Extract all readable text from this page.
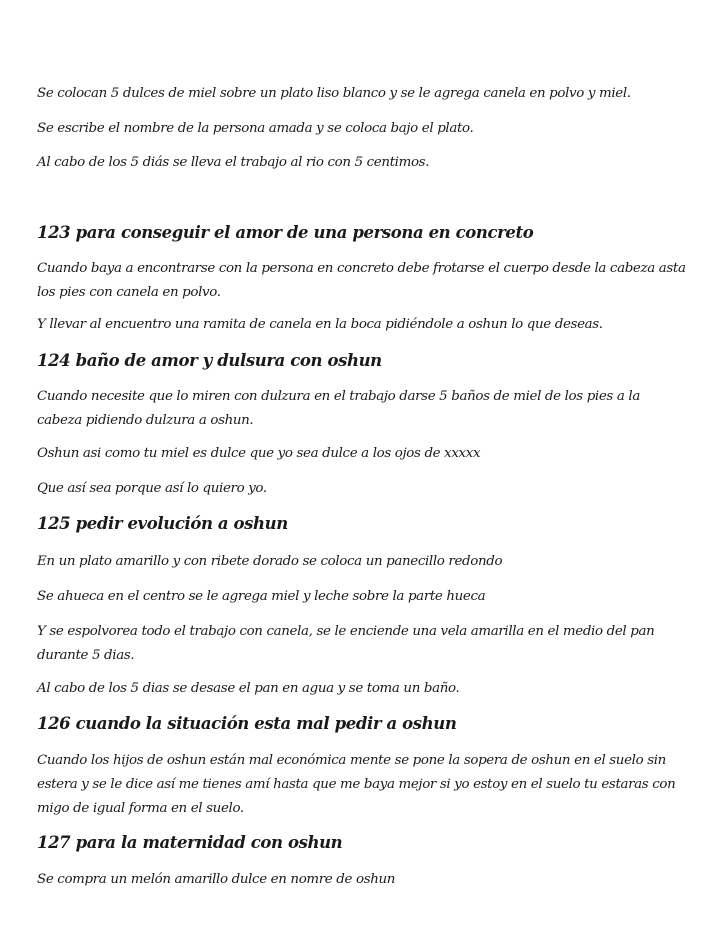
Se colocan 5 dulces de miel sobre un plato liso blanco y se le agrega canela en polvo y miel.

Se escribe el nombre de la persona amada y se coloca bajo el plato.

Al cabo de los 5 diás se lleva el trabajo al rio con 5 centimos.

123 para conseguir el amor de una persona en concreto

Cuando baya a encontrarse con la persona en concreto debe frotarse el cuerpo desde la cabeza asta los pies con canela en polvo.

Y llevar al encuentro una ramita de canela en la boca pidiéndole a oshun lo que deseas.

124 baño de amor y dulsura con oshun

Cuando necesite que lo miren con dulzura en el trabajo darse 5 baños de miel de los pies a la cabeza pidiendo dulzura a oshun.

Oshun asi como tu miel es dulce que yo sea dulce a los ojos de xxxxx

Que así sea porque así lo quiero yo.

125 pedir evolución a oshun

En un plato amarillo y con ribete dorado se coloca un panecillo redondo

Se ahueca en el centro se le agrega miel y leche sobre la parte hueca

Y se espolvorea todo el trabajo con canela, se le enciende una vela amarilla en el medio del pan durante 5 dias.

Al cabo de los 5 dias se desase el pan en agua y se toma un baño.

126 cuando la situación esta mal pedir a oshun

Cuando los hijos de oshun están mal económica mente se pone la sopera de oshun en el suelo sin estera y se le dice así me tienes amí hasta que me baya mejor si yo estoy en el suelo tu estaras con migo de igual forma en el suelo.

127 para la maternidad con oshun

Se compra un melón amarillo dulce en nomre de oshun
